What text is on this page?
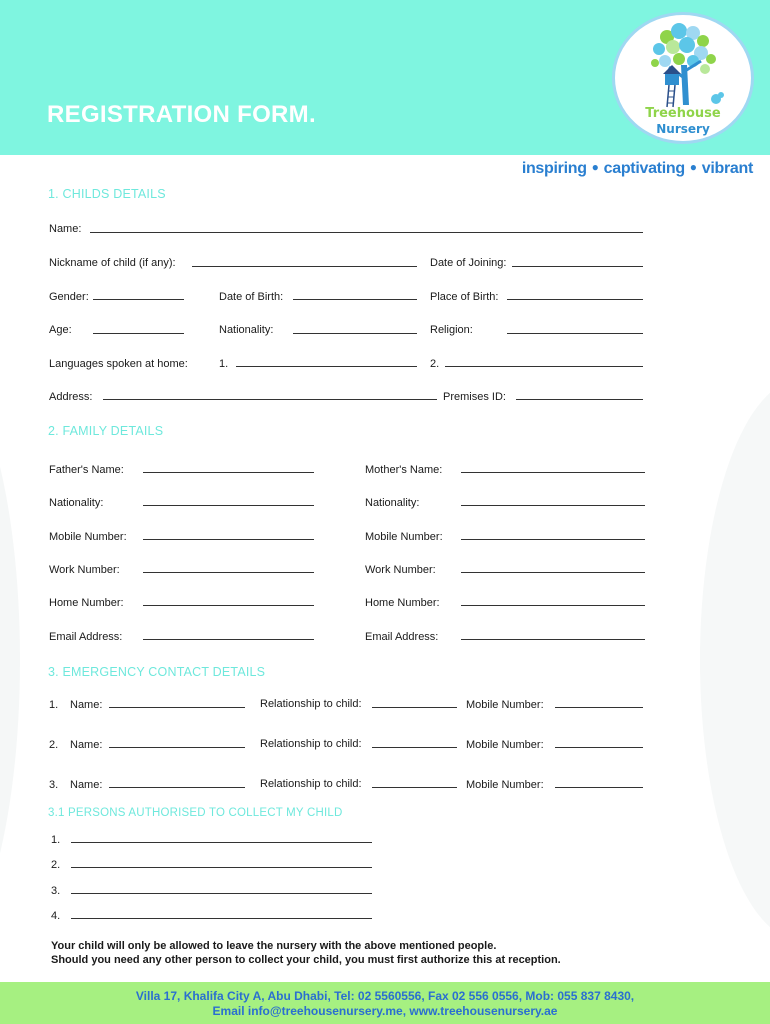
REGISTRATION FORM.	Treehouse
Nursery
inspiring ● captivating ● vibrant
1. CHILDS DETAILS
Name:
Nickname of child (if any):	Date of Joining:
Gender:	Date of Birth:	Place of Birth:
Age:	Nationality:	Religion:
Languages spoken at home:	1.	2.
Address:	Premises ID:
2. FAMILY DETAILS
Father's Name:	Mother's Name:
Nationality:	Nationality:
Mobile Number:	Mobile Number:
Work Number:	Work Number:
Home Number:	Home Number:
Email Address:	Email Address:
3. EMERGENCY CONTACT DETAILS
1. Name:	Relationship to child:	Mobile Number:
2. Name:	Relationship to child:	Mobile Number:
3. Name:	Relationship to child:	Mobile Number:
3.1 PERSONS AUTHORISED TO COLLECT MY CHILD
1.
2.
3.
4.
Your child will only be allowed to leave the nursery with the above mentioned people.
Should you need any other person to collect your child, you must first authorize this at reception.
Villa 17, Khalifa City A, Abu Dhabi, Tel: 02 5560556, Fax 02 556 0556, Mob: 055 837 8430,
Email info@treehousenursery.me, www.treehousenursery.ae
